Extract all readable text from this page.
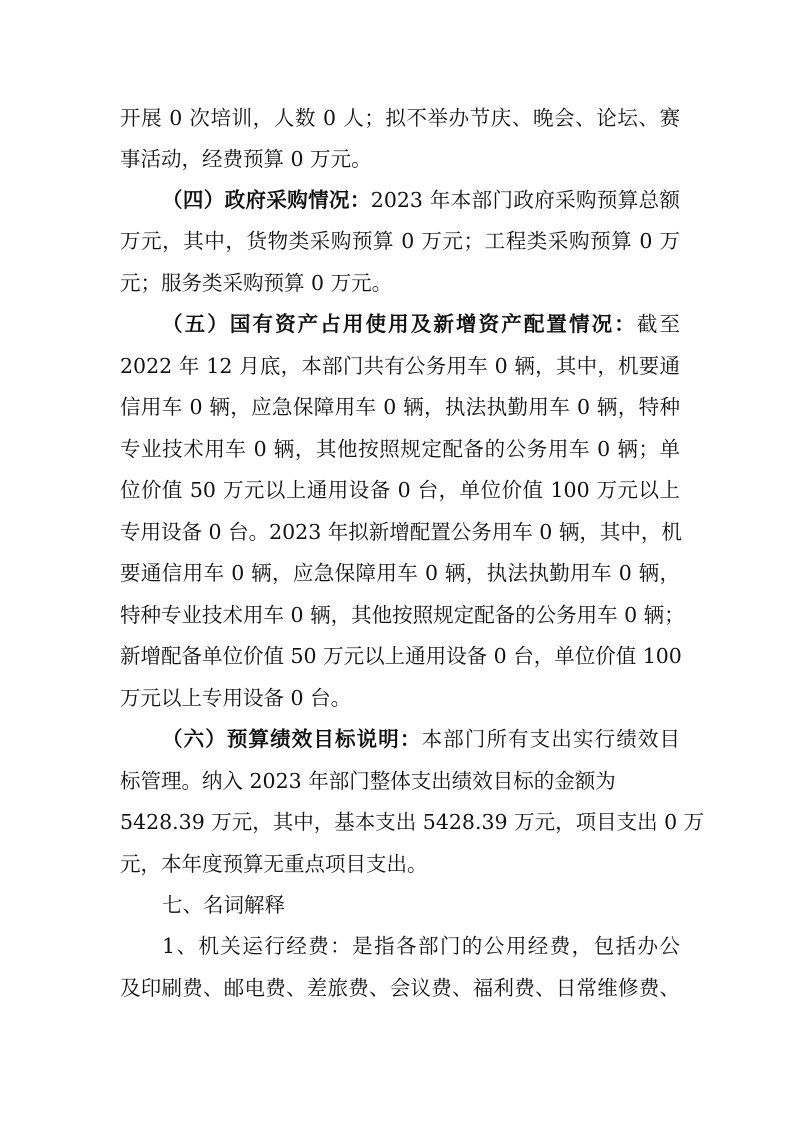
开展 0 次培训，人数 0 人；拟不举办节庆、晚会、论坛、赛
事活动，经费预算 0 万元。
（四）政府采购情况：2023 年本部门政府采购预算总额
万元，其中，货物类采购预算 0 万元；工程类采购预算 0 万
元；服务类采购预算 0 万元。
（五）国有资产占用使用及新增资产配置情况：截至
2022 年 12 月底，本部门共有公务用车 0 辆，其中，机要通
信用车 0 辆，应急保障用车 0 辆，执法执勤用车 0 辆，特种
专业技术用车 0 辆，其他按照规定配备的公务用车 0 辆；单
位价值 50 万元以上通用设备 0 台，单位价值 100 万元以上
专用设备 0 台。2023 年拟新增配置公务用车 0 辆，其中，机
要通信用车 0 辆，应急保障用车 0 辆，执法执勤用车 0 辆，
特种专业技术用车 0 辆，其他按照规定配备的公务用车 0 辆；
新增配备单位价值 50 万元以上通用设备 0 台，单位价值 100
万元以上专用设备 0 台。
（六）预算绩效目标说明：本部门所有支出实行绩效目
标管理。纳入 2023 年部门整体支出绩效目标的金额为
5428.39 万元，其中，基本支出 5428.39 万元，项目支出 0 万
元，本年度预算无重点项目支出。
七、名词解释
1、机关运行经费：是指各部门的公用经费，包括办公
及印刷费、邮电费、差旅费、会议费、福利费、日常维修费、
